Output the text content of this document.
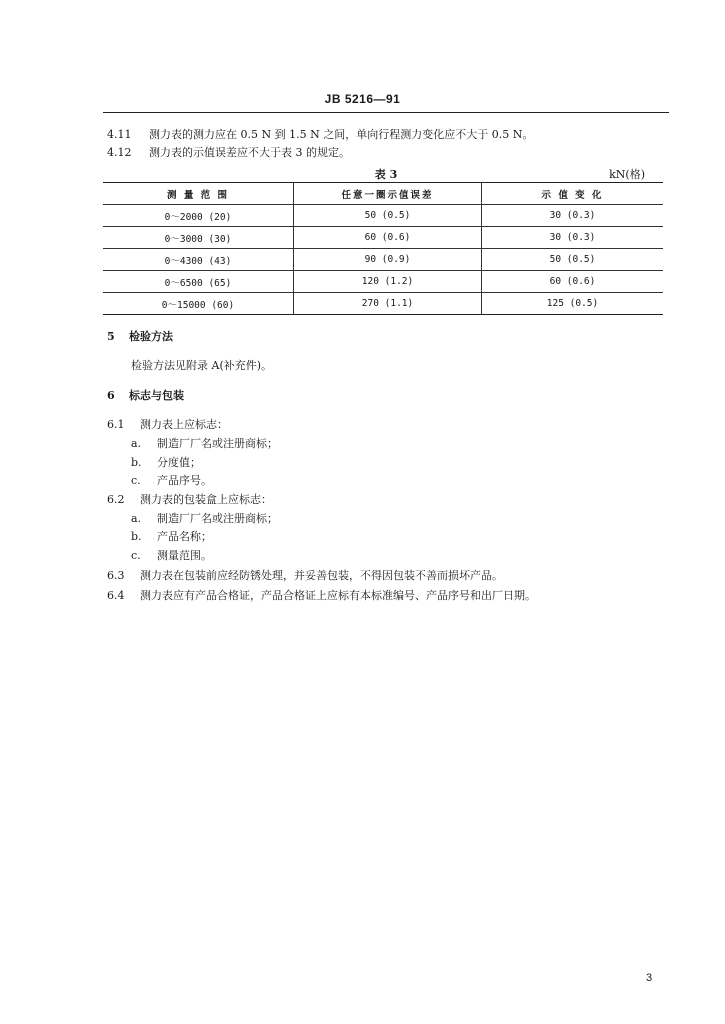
JB 5216—91
4.11 测力表的测力应在 0.5 N 到 1.5 N 之间，单向行程测力变化应不大于 0.5 N。
4.12 测力表的示值误差应不大于表 3 的规定。
表 3	kN(格)
测 量 范 围	任意一圈示值误差	示 值 变 化
0～2000 (20)	50 (0.5)	30 (0.3)
0～3000 (30)	60 (0.6)	30 (0.3)
0～4300 (43)	90 (0.9)	50 (0.5)
0～6500 (65)	120 (1.2)	60 (0.6)
0～15000 (60)	270 (1.1)	125 (0.5)
5 检验方法
检验方法见附录 A(补充件)。
6 标志与包装
6.1 测力表上应标志：
a. 制造厂厂名或注册商标；
b. 分度值；
c. 产品序号。
6.2 测力表的包装盒上应标志：
a. 制造厂厂名或注册商标；
b. 产品名称；
c. 测量范围。
6.3 测力表在包装前应经防锈处理，并妥善包装，不得因包装不善而损坏产品。
6.4 测力表应有产品合格证，产品合格证上应标有本标准编号、产品序号和出厂日期。
3
